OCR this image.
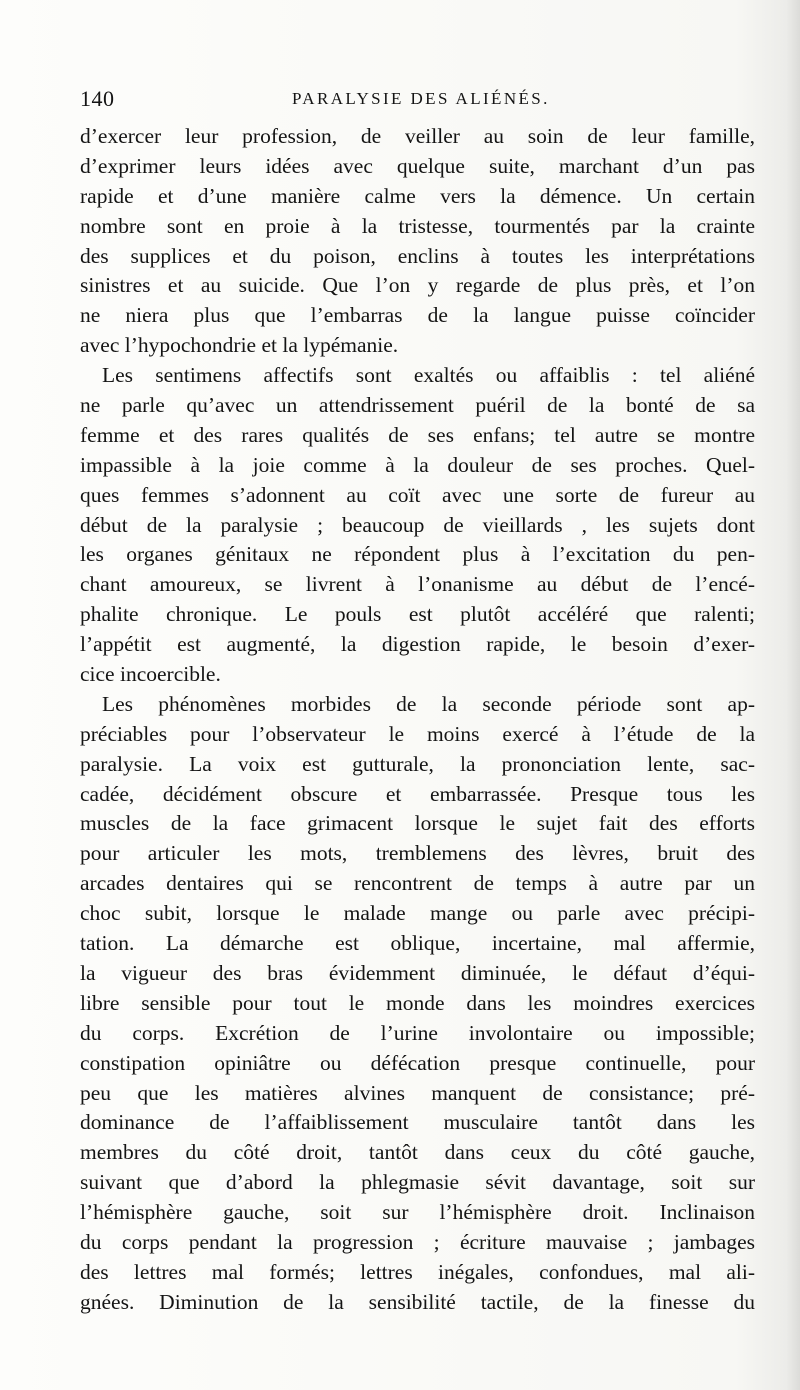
140	PARALYSIE DES ALIÉNÉS.
d’exercer leur profession, de veiller au soin de leur famille,
d’exprimer leurs idées avec quelque suite, marchant d’un pas
rapide et d’une manière calme vers la démence. Un certain
nombre sont en proie à la tristesse, tourmentés par la crainte
des supplices et du poison, enclins à toutes les interprétations
sinistres et au suicide. Que l’on y regarde de plus près, et l’on
ne niera plus que l’embarras de la langue puisse coïncider
avec l’hypochondrie et la lypémanie.
Les sentimens affectifs sont exaltés ou affaiblis : tel aliéné
ne parle qu’avec un attendrissement puéril de la bonté de sa
femme et des rares qualités de ses enfans; tel autre se montre
impassible à la joie comme à la douleur de ses proches. Quel-
ques femmes s’adonnent au coït avec une sorte de fureur au
début de la paralysie ; beaucoup de vieillards , les sujets dont
les organes génitaux ne répondent plus à l’excitation du pen-
chant amoureux, se livrent à l’onanisme au début de l’encé-
phalite chronique. Le pouls est plutôt accéléré que ralenti;
l’appétit est augmenté, la digestion rapide, le besoin d’exer-
cice incoercible.
Les phénomènes morbides de la seconde période sont ap-
préciables pour l’observateur le moins exercé à l’étude de la
paralysie. La voix est gutturale, la prononciation lente, sac-
cadée, décidément obscure et embarrassée. Presque tous les
muscles de la face grimacent lorsque le sujet fait des efforts
pour articuler les mots, tremblemens des lèvres, bruit des
arcades dentaires qui se rencontrent de temps à autre par un
choc subit, lorsque le malade mange ou parle avec précipi-
tation. La démarche est oblique, incertaine, mal affermie,
la vigueur des bras évidemment diminuée, le défaut d’équi-
libre sensible pour tout le monde dans les moindres exercices
du corps. Excrétion de l’urine involontaire ou impossible;
constipation opiniâtre ou défécation presque continuelle, pour
peu que les matières alvines manquent de consistance; pré-
dominance de l’affaiblissement musculaire tantôt dans les
membres du côté droit, tantôt dans ceux du côté gauche,
suivant que d’abord la phlegmasie sévit davantage, soit sur
l’hémisphère gauche, soit sur l’hémisphère droit. Inclinaison
du corps pendant la progression ; écriture mauvaise ; jambages
des lettres mal formés; lettres inégales, confondues, mal ali-
gnées. Diminution de la sensibilité tactile, de la finesse du
